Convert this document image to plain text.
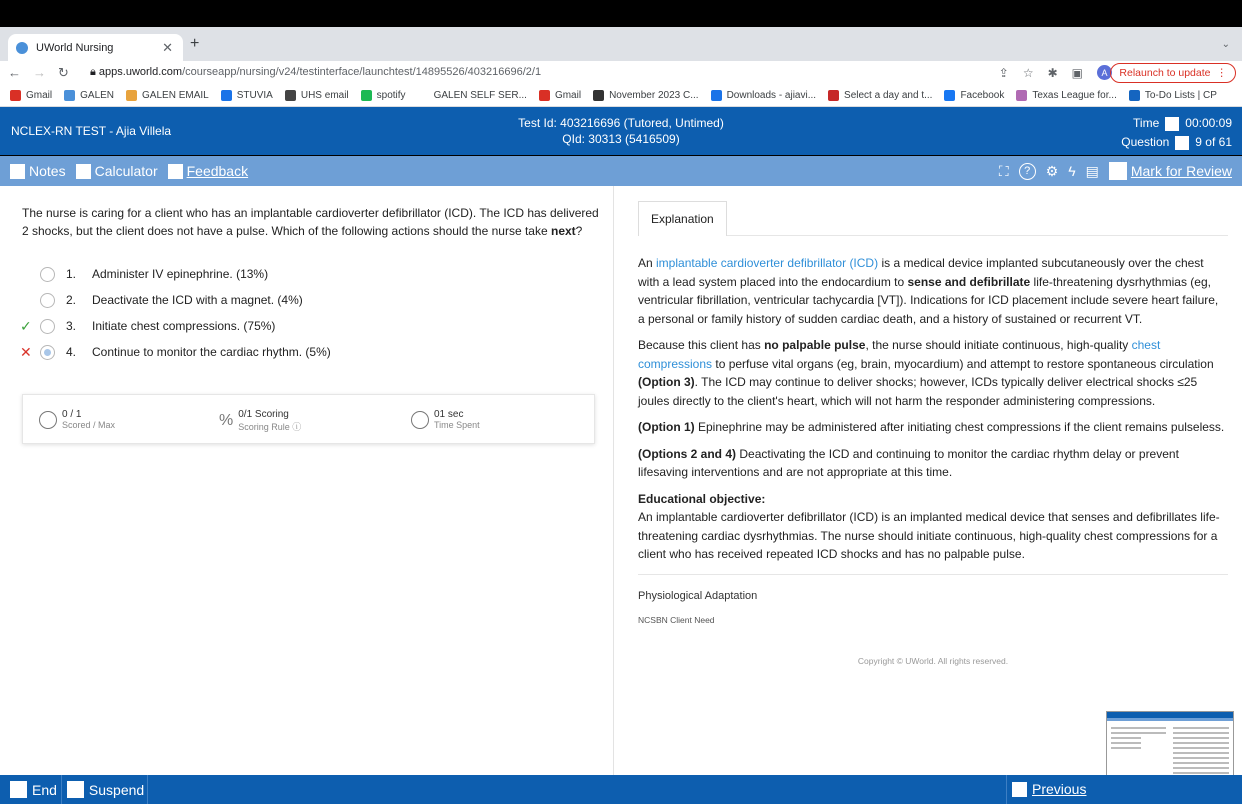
UWorld Nursing	✕ +	⌄
← → ↻ 🔒︎ apps.uworld.com/courseapp/nursing/v24/testinterface/launchtest/14895526/403216696/2/1	⇪ ☆ ✱ ▣	A	Relaunch to update ⋮
Gmail	GALEN	GALEN EMAIL	STUVIA	UHS email	spotify	GALEN SELF SER...	Gmail	November 2023 C...	Downloads - ajiavi...	Select a day and t...	Facebook	Texas League for...	To-Do Lists | CP
NCLEX-RN TEST - Ajia Villela
Test Id: 403216696 (Tutored, Untimed)
QId: 30313 (5416509)
Time 00:00:09
Question 9 of 61
Notes Calculator Feedback	⛶	?	⚙ ϟ ▤ Mark for Review
The nurse is caring for a client who has an implantable cardioverter defibrillator (ICD). The ICD has delivered 2 shocks, but the client does not have a pulse. Which of the following actions should the nurse take next?
1.	Administer IV epinephrine. (13%)
2.	Deactivate the ICD with a magnet. (4%)
✓	3.	Initiate chest compressions. (75%)
✕	4.	Continue to monitor the cardiac rhythm. (5%)
0 / 1
Scored / Max	% 0/1 Scoring
Scoring Rule ⓘ
01 sec
Time Spent
Explanation

An implantable cardioverter defibrillator (ICD) is a medical device implanted subcutaneously over the chest with a lead system placed into the endocardium to sense and defibrillate life-threatening dysrhythmias (eg, ventricular fibrillation, ventricular tachycardia [VT]). Indications for ICD placement include severe heart failure, a personal or family history of sudden cardiac death, and a history of sustained or recurrent VT.

Because this client has no palpable pulse, the nurse should initiate continuous, high-quality chest compressions to perfuse vital organs (eg, brain, myocardium) and attempt to restore spontaneous circulation (Option 3). The ICD may continue to deliver shocks; however, ICDs typically deliver electrical shocks ≤25 joules directly to the client's heart, which will not harm the responder administering compressions.

(Option 1) Epinephrine may be administered after initiating chest compressions if the client remains pulseless.

(Options 2 and 4) Deactivating the ICD and continuing to monitor the cardiac rhythm delay or prevent lifesaving interventions and are not appropriate at this time.

Educational objective:
An implantable cardioverter defibrillator (ICD) is an implanted medical device that senses and defibrillates life-threatening cardiac dysrhythmias. The nurse should initiate continuous, high-quality chest compressions for a client who has received repeated ICD shocks and has no palpable pulse.
Physiological Adaptation
NCSBN Client Need
Copyright © UWorld. All rights reserved.
End Suspend	Previous
